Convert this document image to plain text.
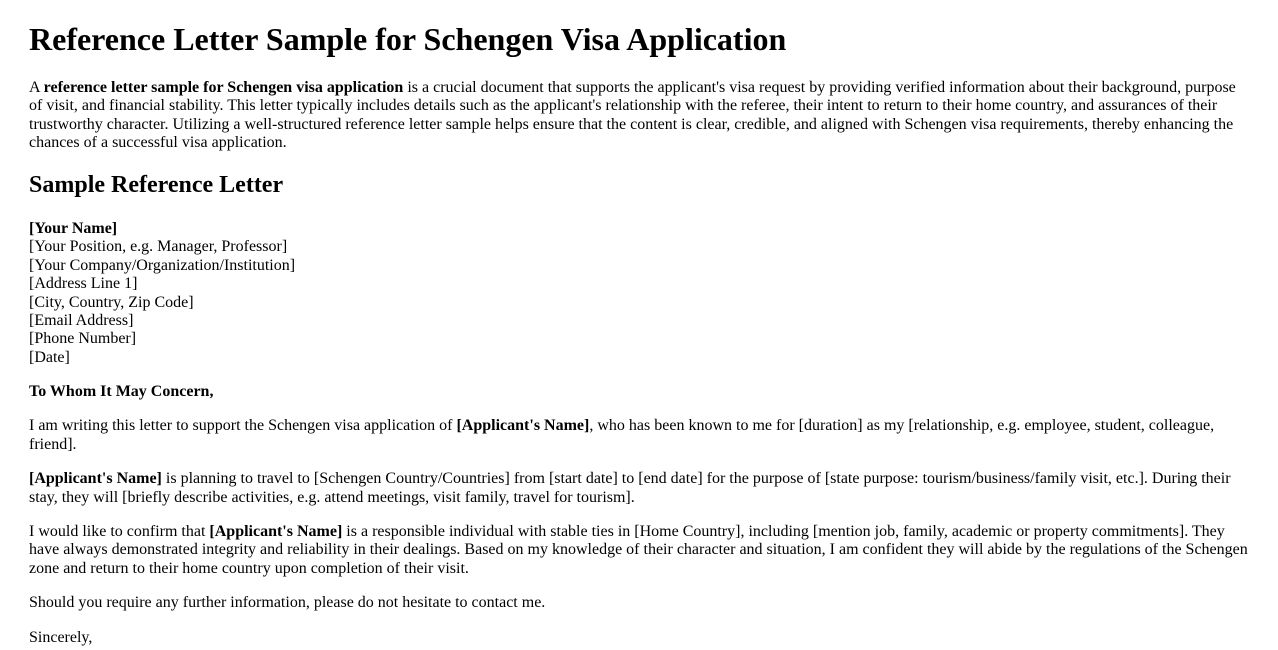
Reference Letter Sample for Schengen Visa Application

A reference letter sample for Schengen visa application is a crucial document that supports the applicant's visa request by providing verified information about their background, purpose of visit, and financial stability. This letter typically includes details such as the applicant's relationship with the referee, their intent to return to their home country, and assurances of their trustworthy character. Utilizing a well-structured reference letter sample helps ensure that the content is clear, credible, and aligned with Schengen visa requirements, thereby enhancing the chances of a successful visa application.

Sample Reference Letter

[Your Name]
[Your Position, e.g. Manager, Professor]
[Your Company/Organization/Institution]
[Address Line 1]
[City, Country, Zip Code]
[Email Address]
[Phone Number]
[Date]

To Whom It May Concern,

I am writing this letter to support the Schengen visa application of [Applicant's Name], who has been known to me for [duration] as my [relationship, e.g. employee, student, colleague, friend].

[Applicant's Name] is planning to travel to [Schengen Country/Countries] from [start date] to [end date] for the purpose of [state purpose: tourism/business/family visit, etc.]. During their stay, they will [briefly describe activities, e.g. attend meetings, visit family, travel for tourism].

I would like to confirm that [Applicant's Name] is a responsible individual with stable ties in [Home Country], including [mention job, family, academic or property commitments]. They have always demonstrated integrity and reliability in their dealings. Based on my knowledge of their character and situation, I am confident they will abide by the regulations of the Schengen zone and return to their home country upon completion of their visit.

Should you require any further information, please do not hesitate to contact me.

Sincerely,
